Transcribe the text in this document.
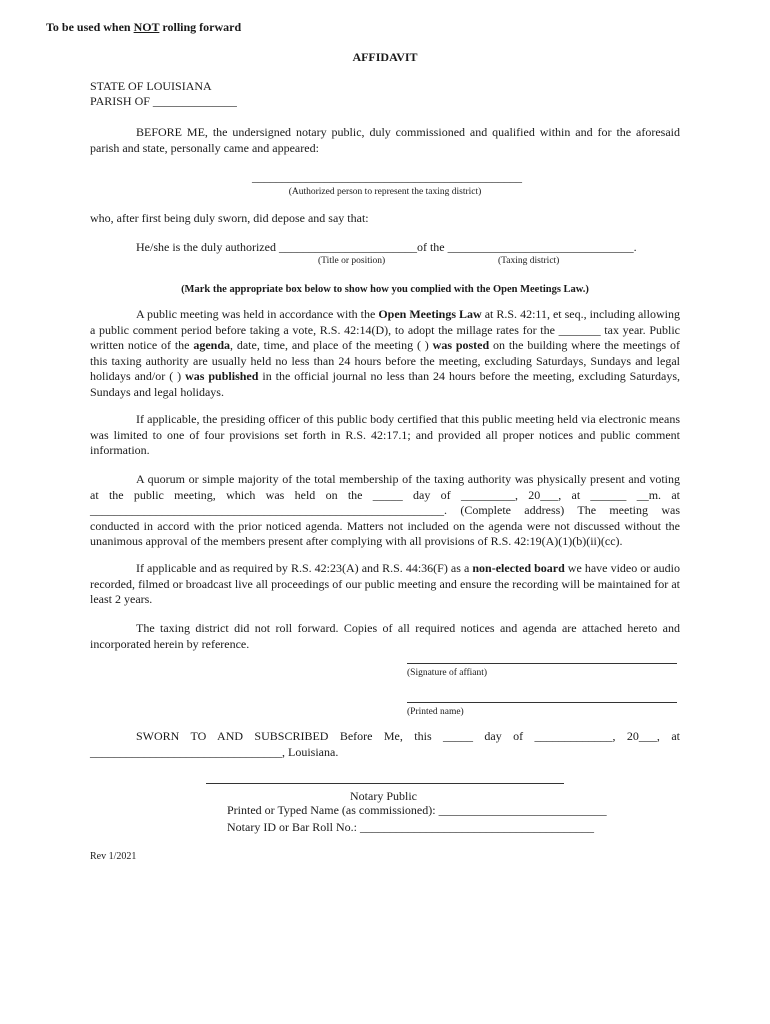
To be used when NOT rolling forward
AFFIDAVIT
STATE OF LOUISIANA
PARISH OF ______________
BEFORE ME, the undersigned notary public, duly commissioned and qualified within and for the aforesaid parish and state, personally came and appeared:
_____________________________________________
(Authorized person to represent the taxing district)
who, after first being duly sworn, did depose and say that:
He/she is the duly authorized _______________________of the _______________________________.
(Title or position)	(Taxing district)
(Mark the appropriate box below to show how you complied with the Open Meetings Law.)
A public meeting was held in accordance with the Open Meetings Law at R.S. 42:11, et seq., including allowing a public comment period before taking a vote, R.S. 42:14(D), to adopt the millage rates for the _______ tax year. Public written notice of the agenda, date, time, and place of the meeting ( ) was posted on the building where the meetings of this taxing authority are usually held no less than 24 hours before the meeting, excluding Saturdays, Sundays and legal holidays and/or ( ) was published in the official journal no less than 24 hours before the meeting, excluding Saturdays, Sundays and legal holidays.
If applicable, the presiding officer of this public body certified that this public meeting held via electronic means was limited to one of four provisions set forth in R.S. 42:17.1; and provided all proper notices and public comment information.
A quorum or simple majority of the total membership of the taxing authority was physically present and voting at the public meeting, which was held on the _____ day of _________, 20___, at ______ __m. at ___________________________________________________________. (Complete address) The meeting was conducted in accord with the prior noticed agenda. Matters not included on the agenda were not discussed without the unanimous approval of the members present after complying with all provisions of R.S. 42:19(A)(1)(b)(ii)(cc).
If applicable and as required by R.S. 42:23(A) and R.S. 44:36(F) as a non-elected board we have video or audio recorded, filmed or broadcast live all proceedings of our public meeting and ensure the recording will be maintained for at least 2 years.
The taxing district did not roll forward. Copies of all required notices and agenda are attached hereto and incorporated herein by reference.
(Signature of affiant)
(Printed name)
SWORN TO AND SUBSCRIBED Before Me, this _____ day of _____________, 20___, at ________________________________, Louisiana.
Notary Public
Printed or Typed Name (as commissioned): ____________________________
Notary ID or Bar Roll No.: _______________________________________
Rev 1/2021
